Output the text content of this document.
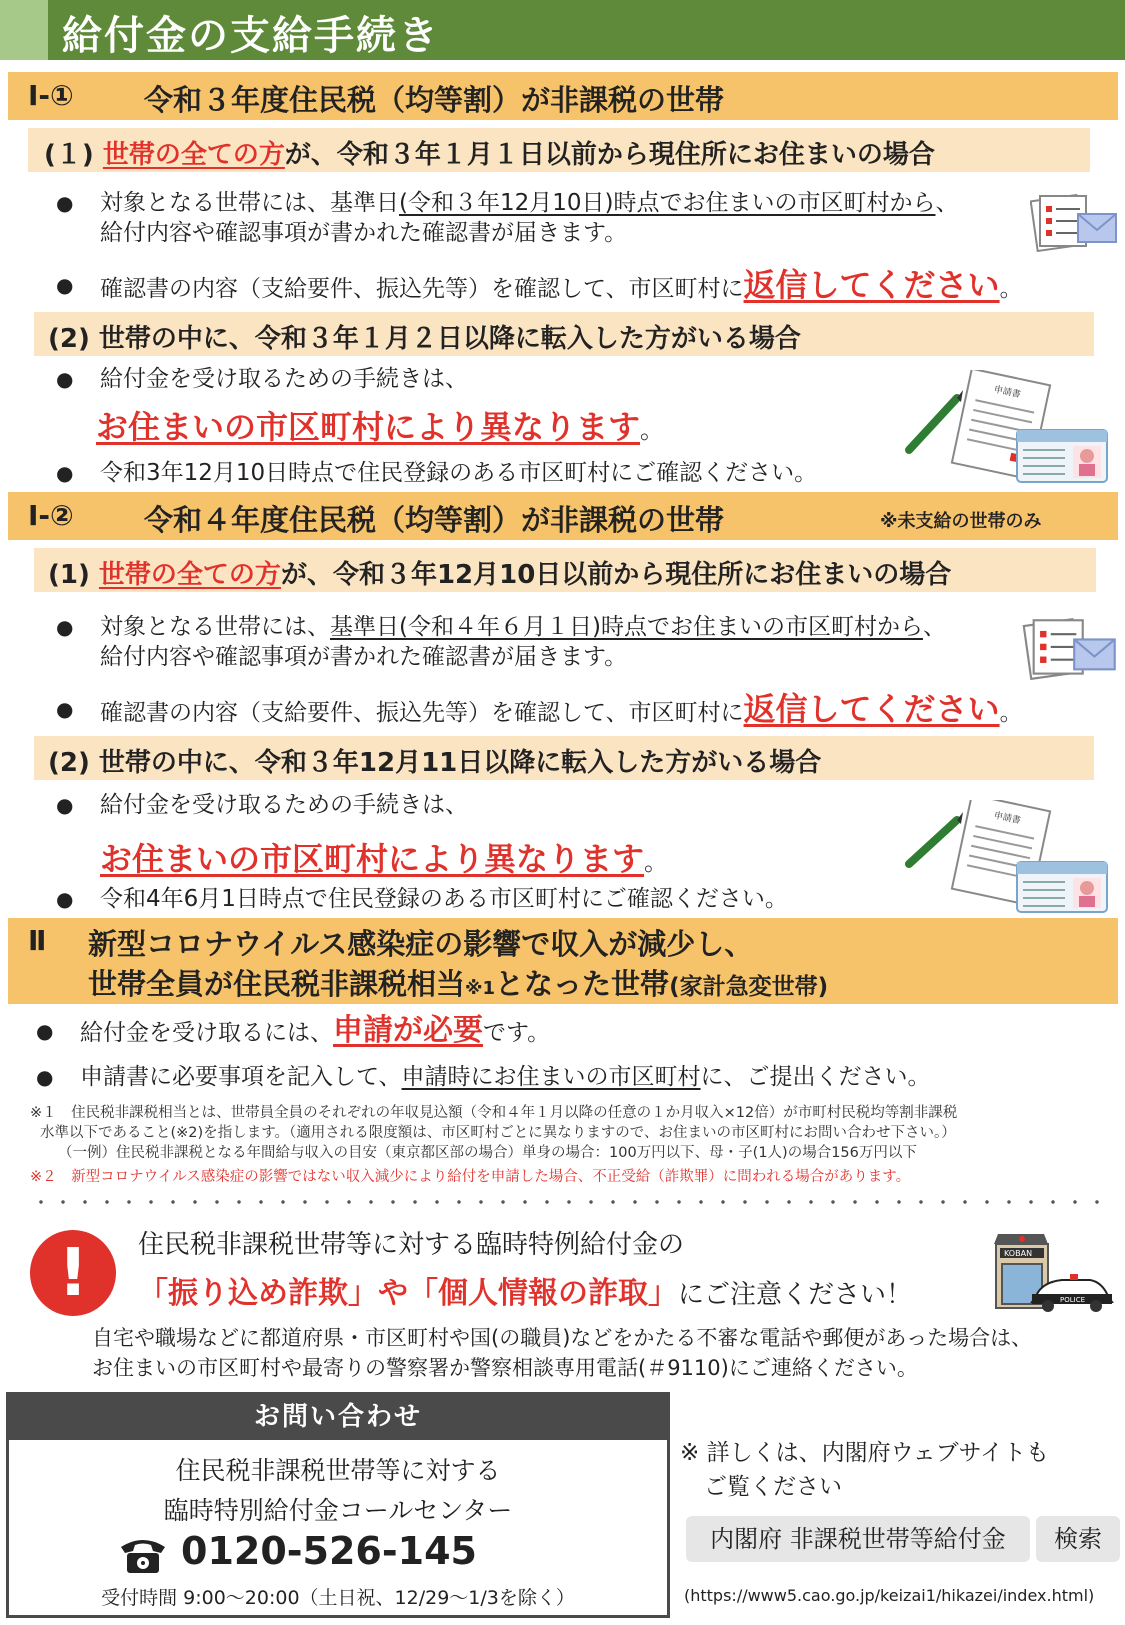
給付金の支給手続き
Ⅰ-① 令和３年度住民税（均等割）が非課税の世帯
(１) 世帯の全ての方が、令和３年１月１日以前から現住所にお住まいの場合
● 対象となる世帯には、基準日(令和３年12月10日)時点でお住まいの市区町村から、
給付内容や確認事項が書かれた確認書が届きます。
● 確認書の内容（支給要件、振込先等）を確認して、市区町村に返信してください。
(2) 世帯の中に、令和３年１月２日以降に転入した方がいる場合
● 給付金を受け取るための手続きは、
お住まいの市区町村により異なります。
● 令和3年12月10日時点で住民登録のある市区町村にご確認ください。
申請書
Ⅰ-② 令和４年度住民税（均等割）が非課税の世帯	※未支給の世帯のみ
(1) 世帯の全ての方が、令和３年12月10日以前から現住所にお住まいの場合
● 対象となる世帯には、基準日(令和４年６月１日)時点でお住まいの市区町村から、
給付内容や確認事項が書かれた確認書が届きます。
● 確認書の内容（支給要件、振込先等）を確認して、市区町村に返信してください。
(2) 世帯の中に、令和３年12月11日以降に転入した方がいる場合
● 給付金を受け取るための手続きは、
お住まいの市区町村により異なります。
● 令和4年6月1日時点で住民登録のある市区町村にご確認ください。
申請書
Ⅱ 新型コロナウイルス感染症の影響で収入が減少し、
世帯全員が住民税非課税相当※1となった世帯(家計急変世帯)
● 給付金を受け取るには、申請が必要です。
● 申請書に必要事項を記入して、申請時にお住まいの市区町村に、ご提出ください。
※１　住民税非課税相当とは、世帯員全員のそれぞれの年収見込額（令和４年１月以降の任意の１か月収入×12倍）が市町村民税均等割非課税
水準以下であること(※2)を指します。（適用される限度額は、市区町村ごとに異なりますので、お住まいの市区町村にお問い合わせ下さい。）
（一例）住民税非課税となる年間給与収入の目安（東京都区部の場合）単身の場合：100万円以下、母・子(1人)の場合156万円以下
※２　新型コロナウイルス感染症の影響ではない収入減少により給付を申請した場合、不正受給（詐欺罪）に問われる場合があります。
!	住民税非課税世帯等に対する臨時特例給付金の
「振り込め詐欺」や「個人情報の詐取」にご注意ください！
自宅や職場などに都道府県・市区町村や国(の職員)などをかたる不審な電話や郵便があった場合は、
お住まいの市区町村や最寄りの警察署か警察相談専用電話(＃9110)にご連絡ください。
KOBAN
POLICE
お問い合わせ
住民税非課税世帯等に対する
臨時特別給付金コールセンター
0120-526-145
受付時間 9:00～20:00（土日祝、12/29～1/3を除く）
※ 詳しくは、内閣府ウェブサイトも
ご覧ください
内閣府 非課税世帯等給付金	検索
(https://www5.cao.go.jp/keizai1/hikazei/index.html)
